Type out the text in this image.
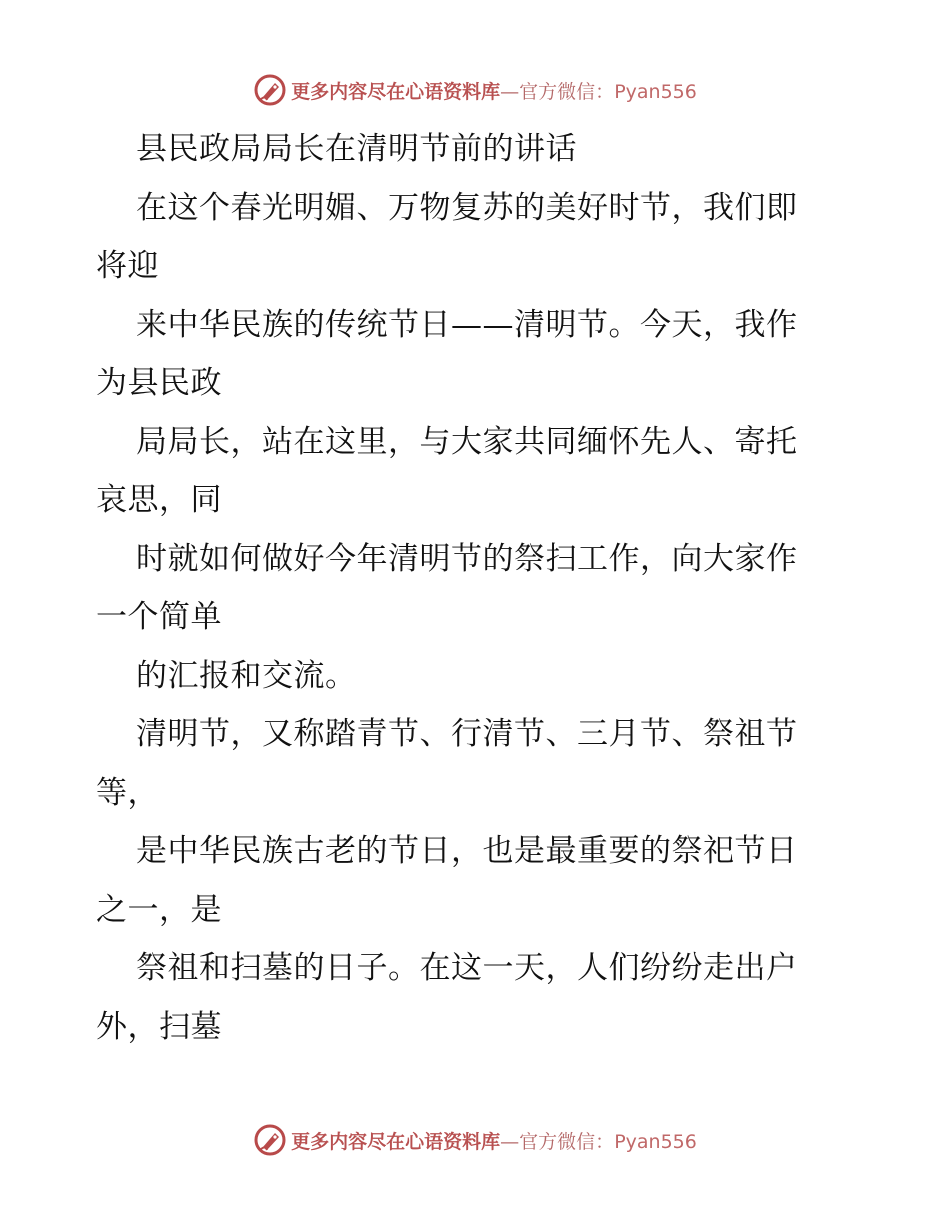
更多内容尽在心语资料库—官方微信：Pyan556
县民政局局长在清明节前的讲话
在这个春光明媚、万物复苏的美好时节，我们即
将迎
来中华民族的传统节日——清明节。今天，我作
为县民政
局局长，站在这里，与大家共同缅怀先人、寄托
哀思，同
时就如何做好今年清明节的祭扫工作，向大家作
一个简单
的汇报和交流。
清明节，又称踏青节、行清节、三月节、祭祖节
等，
是中华民族古老的节日，也是最重要的祭祀节日
之一，是
祭祖和扫墓的日子。在这一天，人们纷纷走出户
外，扫墓
更多内容尽在心语资料库—官方微信：Pyan556
